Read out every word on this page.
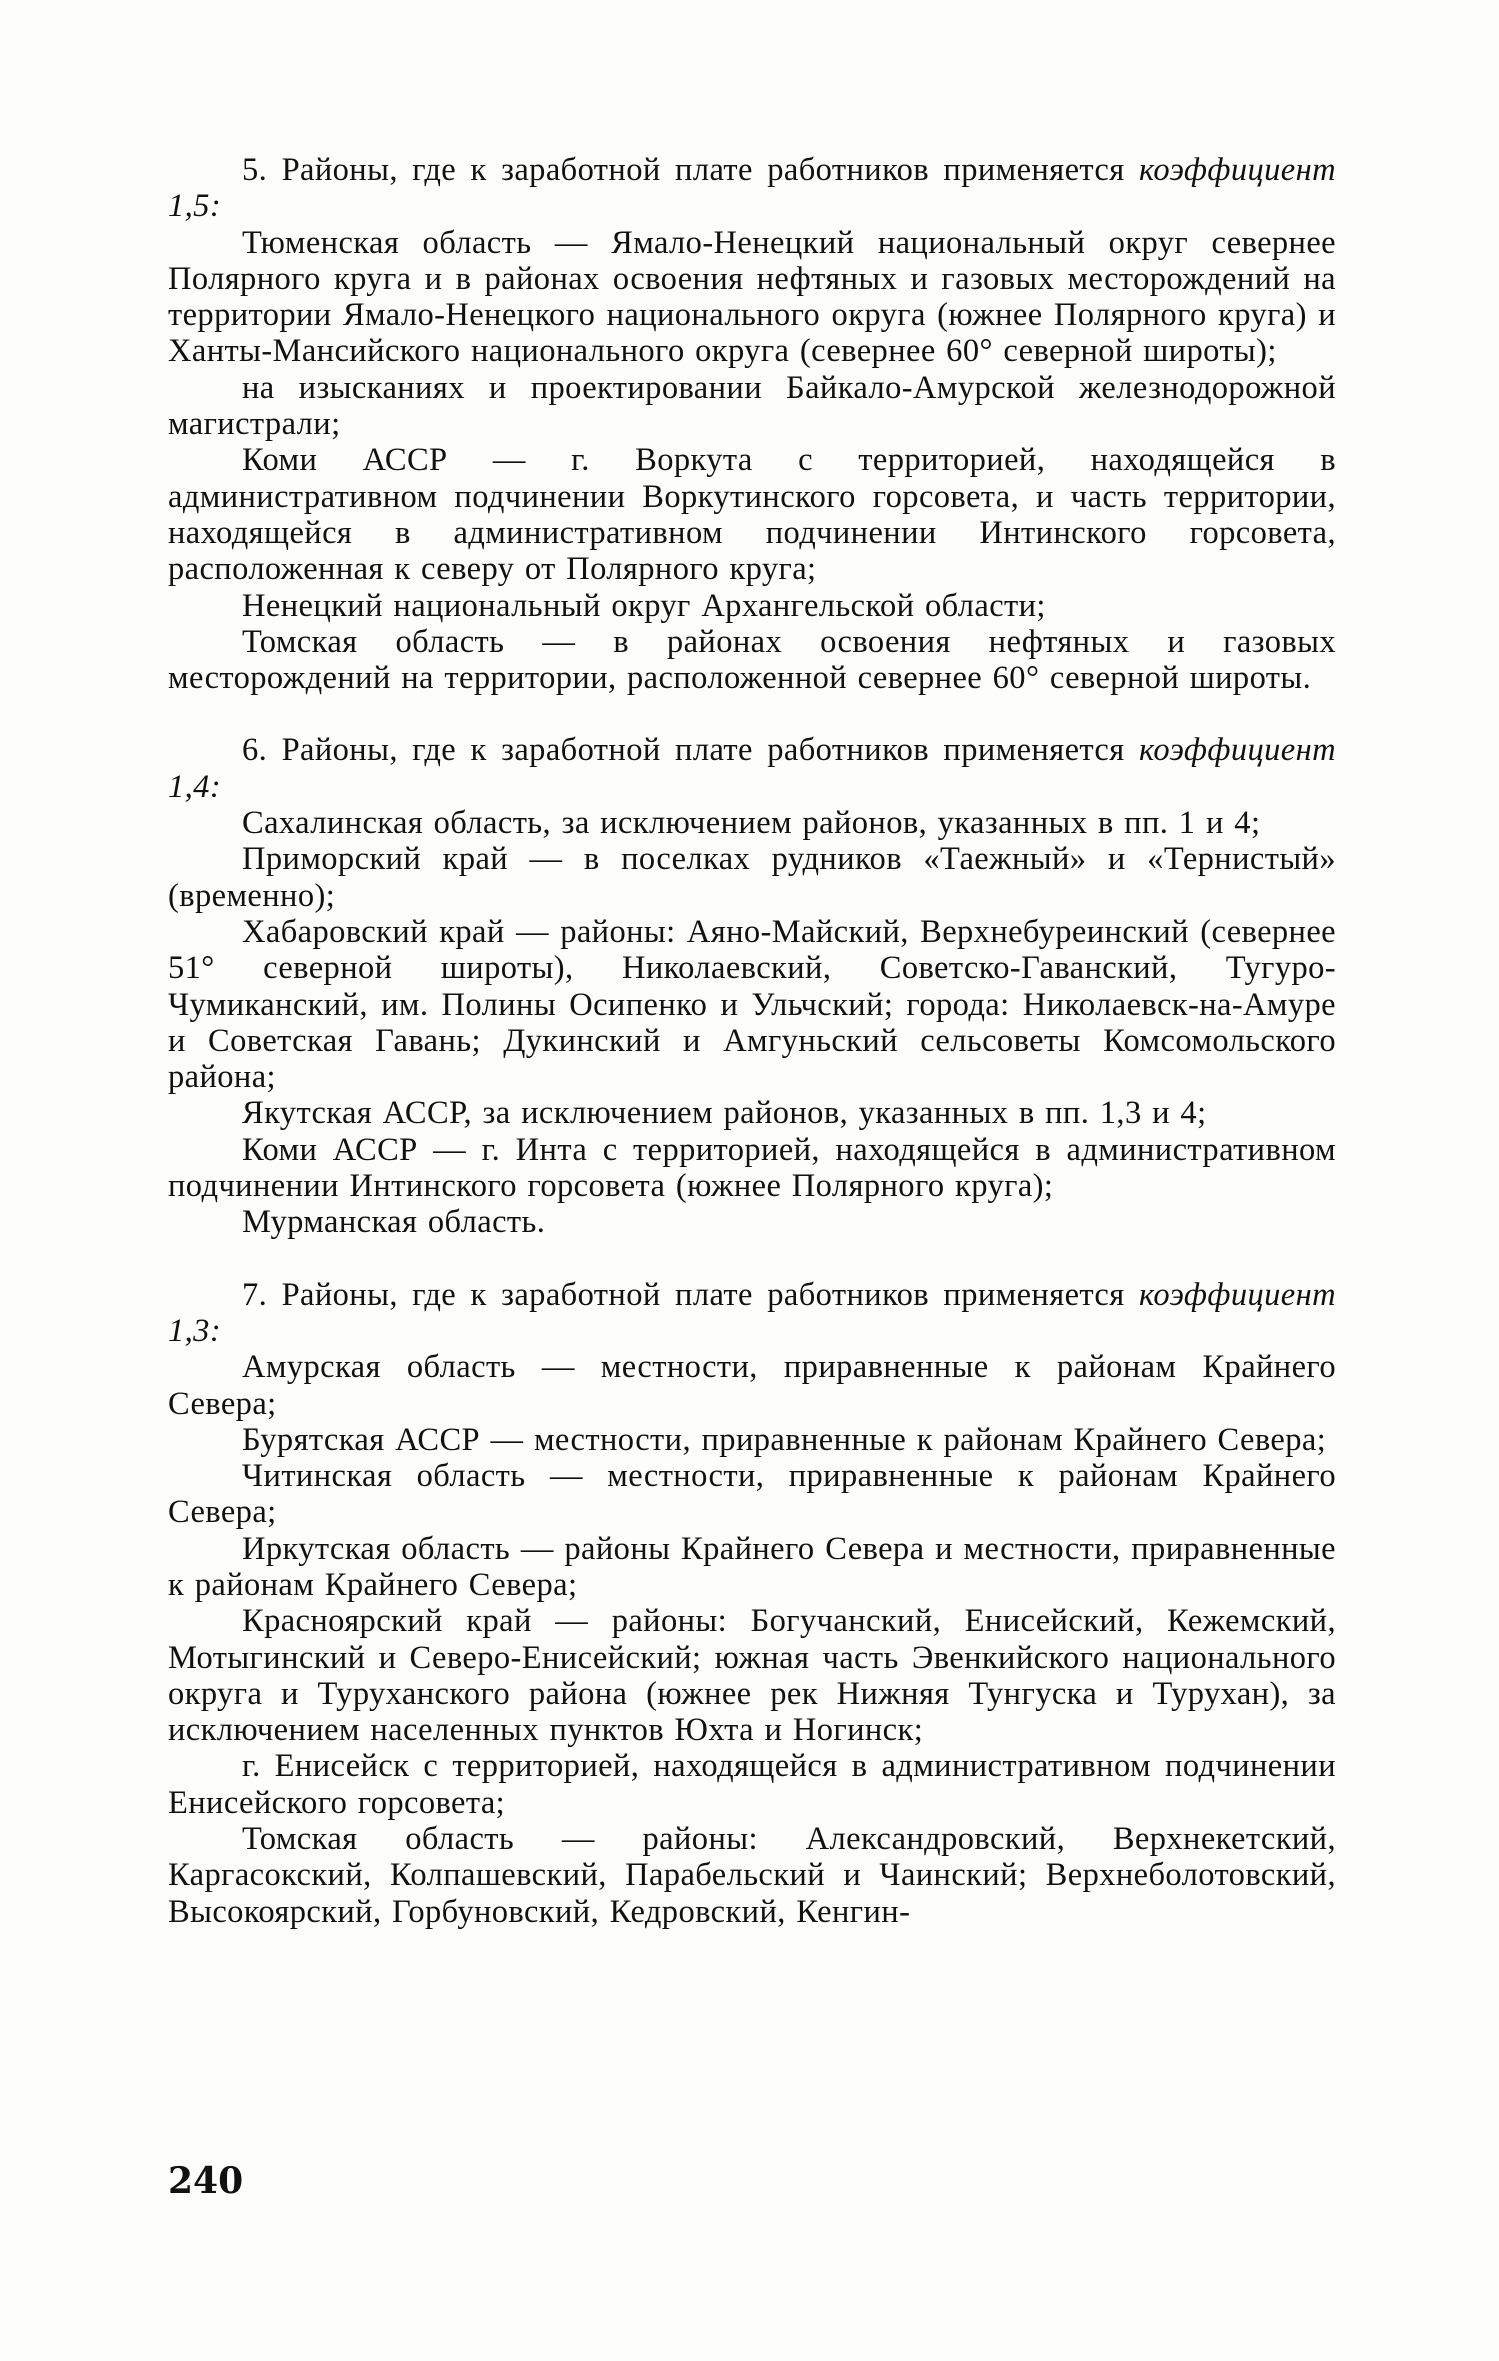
5. Районы, где к заработной плате работников применяется коэффициент 1,5:

Тюменская область — Ямало-Ненецкий национальный округ севернее Полярного круга и в районах освоения нефтяных и газовых месторождений на территории Ямало-Ненецкого национального округа (южнее Полярного круга) и Ханты-Мансийского национального округа (севернее 60° северной широты);

на изысканиях и проектировании Байкало-Амурской железнодорожной магистрали;

Коми АССР — г. Воркута с территорией, находящейся в административном подчинении Воркутинского горсовета, и часть территории, находящейся в административном подчинении Интинского горсовета, расположенная к северу от Полярного круга;

Ненецкий национальный округ Архангельской области;

Томская область — в районах освоения нефтяных и газовых месторождений на территории, расположенной севернее 60° северной широты.

6. Районы, где к заработной плате работников применяется коэффициент 1,4:

Сахалинская область, за исключением районов, указанных в пп. 1 и 4;

Приморский край — в поселках рудников «Таежный» и «Тернистый» (временно);

Хабаровский край — районы: Аяно-Майский, Верхнебуреинский (севернее 51° северной широты), Николаевский, Советско-Гаванский, Тугуро-Чумиканский, им. Полины Осипенко и Ульчский; города: Николаевск-на-Амуре и Советская Гавань; Дукинский и Амгуньский сельсоветы Комсомольского района;

Якутская АССР, за исключением районов, указанных в пп. 1,3 и 4;

Коми АССР — г. Инта с территорией, находящейся в административном подчинении Интинского горсовета (южнее Полярного круга);

Мурманская область.

7. Районы, где к заработной плате работников применяется коэффициент 1,3:

Амурская область — местности, приравненные к районам Крайнего Севера;

Бурятская АССР — местности, приравненные к районам Крайнего Севера;

Читинская область — местности, приравненные к районам Крайнего Севера;

Иркутская область — районы Крайнего Севера и местности, приравненные к районам Крайнего Севера;

Красноярский край — районы: Богучанский, Енисейский, Кежемский, Мотыгинский и Северо-Енисейский; южная часть Эвенкийского национального округа и Туруханского района (южнее рек Нижняя Тунгуска и Турухан), за исключением населенных пунктов Юхта и Ногинск;

г. Енисейск с территорией, находящейся в административном подчинении Енисейского горсовета;

Томская область — районы: Александровский, Верхнекетский, Каргасокский, Колпашевский, Парабельский и Чаинский; Верхнеболотовский, Высокоярский, Горбуновский, Кедровский, Кенгин-

240
